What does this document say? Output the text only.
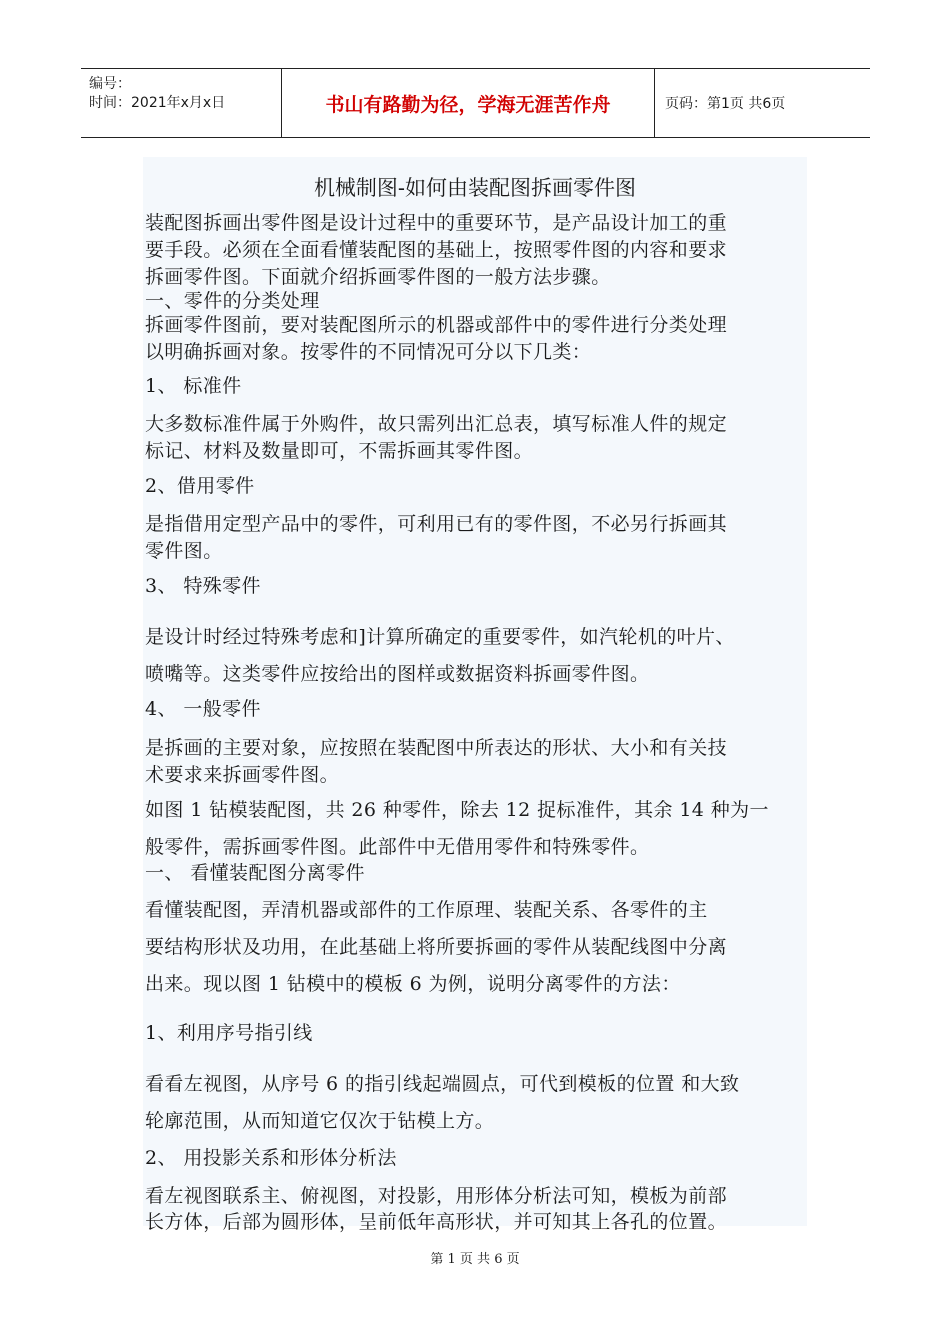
编号：
时间：2021年x月x日	书山有路勤为径，学海无涯苦作舟	页码：第1页 共6页
机械制图-如何由装配图拆画零件图
装配图拆画出零件图是设计过程中的重要环节，是产品设计加工的重
要手段。必须在全面看懂装配图的基础上，按照零件图的内容和要求
拆画零件图。下面就介绍拆画零件图的一般方法步骤。
一、零件的分类处理
拆画零件图前，要对装配图所示的机器或部件中的零件进行分类处理
以明确拆画对象。按零件的不同情况可分以下几类：
1、 标准件
大多数标准件属于外购件，故只需列出汇总表，填写标准人件的规定
标记、材料及数量即可，不需拆画其零件图。
2、借用零件
是指借用定型产品中的零件，可利用已有的零件图，不必另行拆画其
零件图。
3、 特殊零件
是设计时经过特殊考虑和]计算所确定的重要零件，如汽轮机的叶片、
喷嘴等。这类零件应按给出的图样或数据资料拆画零件图。
4、 一般零件
是拆画的主要对象，应按照在装配图中所表达的形状、大小和有关技
术要求来拆画零件图。
如图 1 钻模装配图，共 26 种零件，除去 12 捉标准件，其余 14 种为一
般零件，需拆画零件图。此部件中无借用零件和特殊零件。
一、 看懂装配图分离零件
看懂装配图，弄清机器或部件的工作原理、装配关系、各零件的主
要结构形状及功用，在此基础上将所要拆画的零件从装配线图中分离
出来。现以图 1 钻模中的模板 6 为例，说明分离零件的方法：
1、利用序号指引线
看看左视图，从序号 6 的指引线起端圆点，可代到模板的位置 和大致
轮廓范围，从而知道它仅次于钻模上方。
2、 用投影关系和形体分析法
看左视图联系主、俯视图，对投影，用形体分析法可知，模板为前部
长方体，后部为圆形体，呈前低年高形状，并可知其上各孔的位置。
第 1 页 共 6 页
